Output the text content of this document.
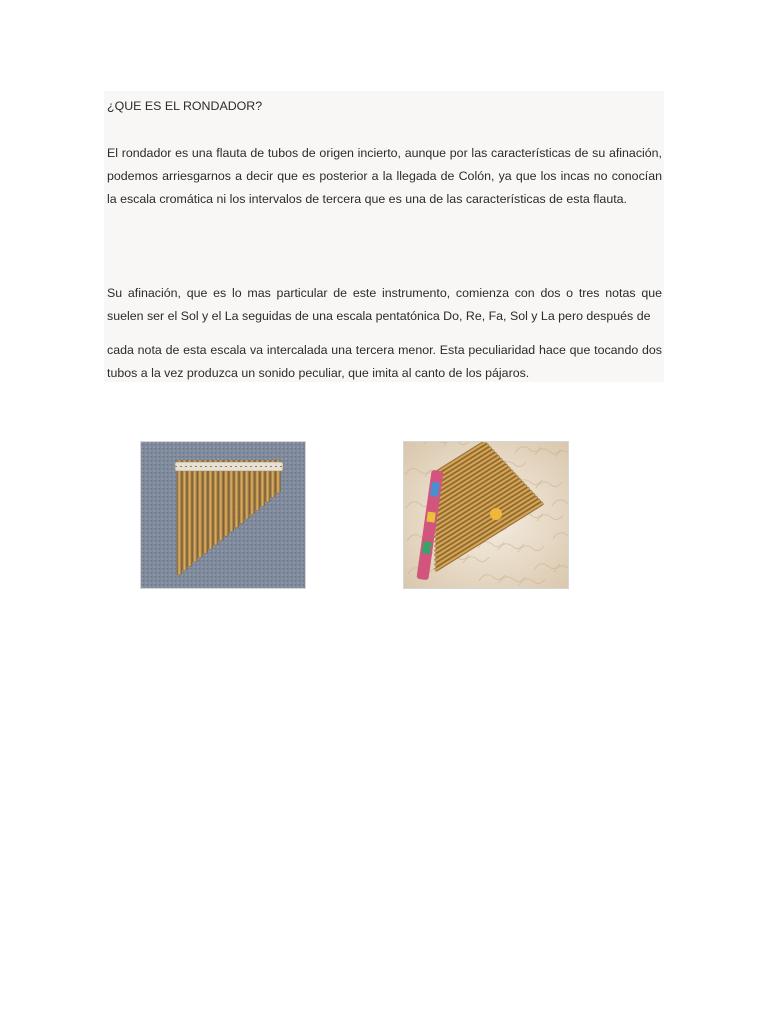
¿QUE ES EL RONDADOR?
El rondador es una flauta de tubos de origen incierto, aunque por las características de su afinación, podemos arriesgarnos a decir que es posterior a la llegada de Colón, ya que los incas no conocían la escala cromática ni los intervalos de tercera que es una de las características de esta flauta.
Su afinación, que es lo mas particular de este instrumento, comienza con dos o tres notas que suelen ser el Sol y el La seguidas de una escala pentatónica Do, Re, Fa, Sol y La pero después de
cada nota de esta escala va intercalada una tercera menor. Esta peculiaridad hace que tocando dos tubos a la vez produzca un sonido peculiar, que imita al canto de los pájaros.
